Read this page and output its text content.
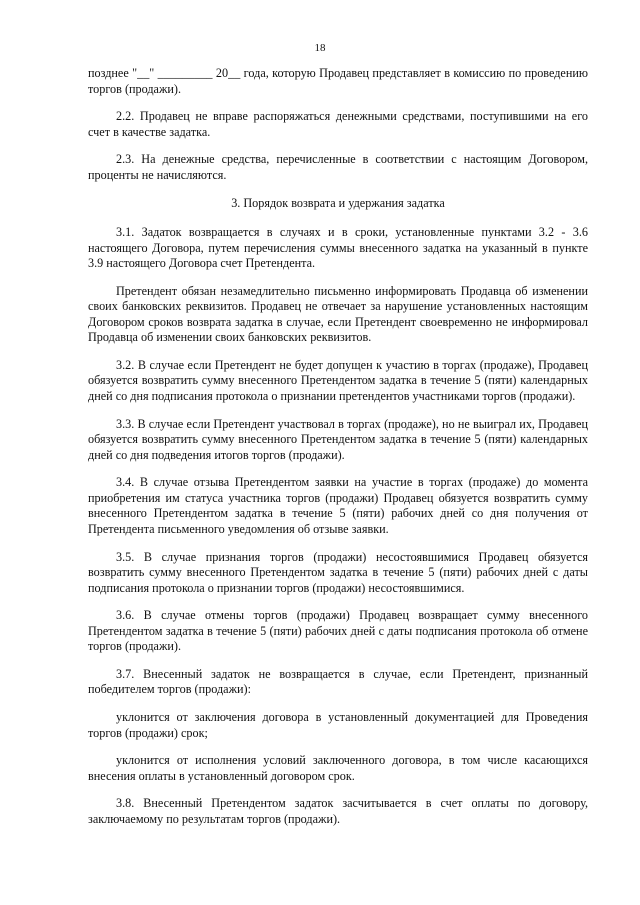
18

позднее "__" _________ 20__ года, которую Продавец представляет в комиссию по проведению торгов (продажи).

2.2. Продавец не вправе распоряжаться денежными средствами, поступившими на его счет в качестве задатка.

2.3. На денежные средства, перечисленные в соответствии с настоящим Договором, проценты не начисляются.

3. Порядок возврата и удержания задатка

3.1. Задаток возвращается в случаях и в сроки, установленные пунктами 3.2 - 3.6 настоящего Договора, путем перечисления суммы внесенного задатка на указанный в пункте 3.9 настоящего Договора счет Претендента.

Претендент обязан незамедлительно письменно информировать Продавца об изменении своих банковских реквизитов. Продавец не отвечает за нарушение установленных настоящим Договором сроков возврата задатка в случае, если Претендент своевременно не информировал Продавца об изменении своих банковских реквизитов.

3.2. В случае если Претендент не будет допущен к участию в торгах (продаже), Продавец обязуется возвратить сумму внесенного Претендентом задатка в течение 5 (пяти) календарных дней со дня подписания протокола о признании претендентов участниками торгов (продажи).

3.3. В случае если Претендент участвовал в торгах (продаже), но не выиграл их, Продавец обязуется возвратить сумму внесенного Претендентом задатка в течение 5 (пяти) календарных дней со дня подведения итогов торгов (продажи).

3.4. В случае отзыва Претендентом заявки на участие в торгах (продаже) до момента приобретения им статуса участника торгов (продажи) Продавец обязуется возвратить сумму внесенного Претендентом задатка в течение 5 (пяти) рабочих дней со дня получения от Претендента письменного уведомления об отзыве заявки.

3.5. В случае признания торгов (продажи) несостоявшимися Продавец обязуется возвратить сумму внесенного Претендентом задатка в течение 5 (пяти) рабочих дней с даты подписания протокола о признании торгов (продажи) несостоявшимися.

3.6. В случае отмены торгов (продажи) Продавец возвращает сумму внесенного Претендентом задатка в течение 5 (пяти) рабочих дней с даты подписания протокола об отмене торгов (продажи).

3.7. Внесенный задаток не возвращается в случае, если Претендент, признанный победителем торгов (продажи):

уклонится от заключения договора в установленный документацией для Проведения торгов (продажи) срок;

уклонится от исполнения условий заключенного договора, в том числе касающихся внесения оплаты в установленный договором срок.

3.8. Внесенный Претендентом задаток засчитывается в счет оплаты по договору, заключаемому по результатам торгов (продажи).
